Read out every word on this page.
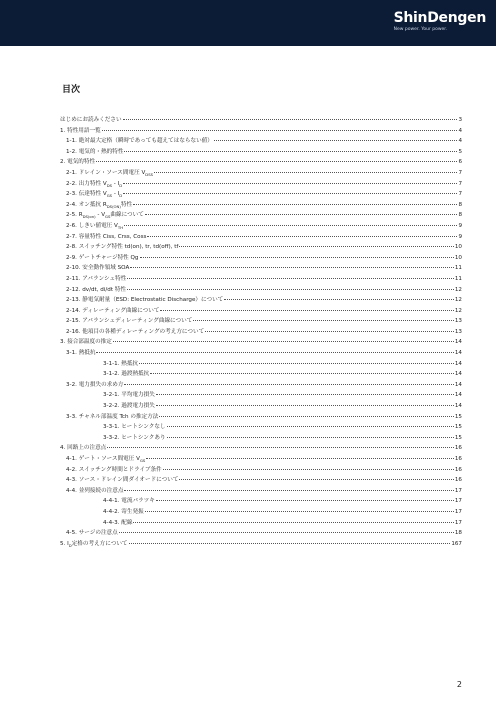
ShinDengen
New power. Your power.
目次
はじめにお読みください	3
1. 特性用語一覧	4
1-1. 絶対最大定格（瞬時であっても超えてはならない値）	4
1-2. 電気的・熱的特性	5
2. 電気的特性	6
2-1. ドレイン・ソース間電圧 $V_{DSS}$	7
2-2. 出力特性 $V_{DS} - I_D$	7
2-3. 伝達特性 $V_{GS} - I_D$	7
2-4. オン抵抗 $R_{DS(ON)}$特性	8
2-5. $R_{DS(on)} - V_{GS}$曲線について	8
2-6. しきい値電圧 $V_{TH}$	9
2-7. 容量特性 Ciss, Crss, Coss	9
2-8. スイッチング特性 td(on), tr, td(off), tf	10
2-9. ゲートチャージ特性 Qg	10
2-10. 安全動作領域 SOA	11
2-11. アバランシェ特性	11
2-12. dv/dt, di/dt 特性	12
2-13. 静電気耐量（ESD: Electrostatic Discharge）について	12
2-14. ディレーティング曲線について	12
2-15. アバランシェディレーティング曲線について	13
2-16. 他項目の各種ディレーティングの考え方について	13
3. 接合部温度の推定	14
3-1. 熱抵抗	14
3-1-1. 熱抵抗	14
3-1-2. 過渡熱抵抗	14
3-2. 電力損失の求め方	14
3-2-1. 平均電力損失	14
3-2-2. 過渡電力損失	14
3-3. チャネル部温度 Tch の推定方法	15
3-3-1. ヒートシンクなし	15
3-3-2. ヒートシンクあり	15
4. 回路上の注意点	16
4-1. ゲート・ソース間電圧 $V_{GS}$	16
4-2. スイッチング時間とドライブ条件	16
4-3. ソース・ドレイン間ダイオードについて	16
4-4. 並列接続の注意点	17
4-4-1. 電流バラツキ	17
4-4-2. 寄生発振	17
4-4-3. 配線	17
4-5. サージの注意点	18
5. $I_D$定格の考え方について	167
2
